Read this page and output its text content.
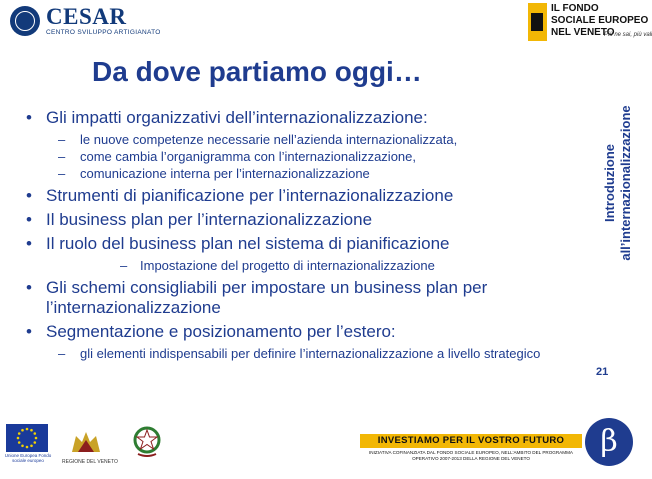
CESAR
CENTRO SVILUPPO ARTIGIANATO
IL FONDO
SOCIALE EUROPEO
NEL VENETO
Più ne sai, più vali
Da dove partiamo oggi…
Introduzione all’internazionalizzazione
21

• Gli impatti organizzativi dell’internazionalizzazione:

– le nuove competenze necessarie nell’azienda internazionalizzata,

– come cambia l’organigramma con l’internazionalizzazione,

– comunicazione interna per l’internazionalizzazione

• Strumenti di pianificazione per l’internazionalizzazione

• Il business plan per l’internazionalizzazione

• Il ruolo del business plan nel sistema di pianificazione

– Impostazione del progetto di internazionalizzazione

• Gli schemi consigliabili per impostare un business plan per l’internazionalizzazione

• Segmentazione e posizionamento per l’estero:

– gli elementi indispensabili per definire l’internazionalizzazione a livello strategico

Unione Europea Fondo sociale europeo	REGIONE DEL VENETO
INVESTIAMO PER IL VOSTRO FUTURO
INIZIATIVA COFINANZIATA DAL FONDO SOCIALE EUROPEO, NELL’AMBITO DEL PROGRAMMA OPERATIVO 2007-2013 DELLA REGIONE DEL VENETO	β
